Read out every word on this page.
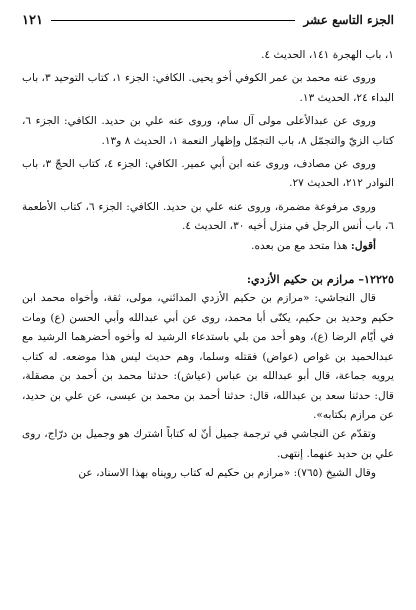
الجزء التاسع عشر
١٢١

١، باب الهجرة ١٤١، الحديث ٤.

وروى عنه محمد بن عمر الكوفي أخو يحيى. الكافي: الجزء ١، كتاب التوحيد ٣، باب البداء ٢٤، الحديث ١٣.

وروى عن عبدالأعلى مولى آل سام، وروى عنه علي بن حديد. الكافي: الجزء ٦، كتاب الزيّ والتجمّل ٨، باب التجمّل وإظهار النعمة ١، الحديث ٨ و١٣.

وروى عن مصادف، وروى عنه ابن أبي عمير. الكافي: الجزء ٤، كتاب الحجّ ٣، باب النوادر ٢١٢، الحديث ٢٧.

وروى مرفوعة مضمرة، وروى عنه علي بن حديد. الكافي: الجزء ٦، كتاب الأطعمة ٦، باب أنس الرجل في منزل أخيه ٣٠، الحديث ٤.

أقول: هذا متحد مع من بعده.

١٢٢٢٥– مرازم بن حكيم الأزدي:

قال النجاشي: «مرازم بن حكيم الأزدي المدائني، مولى، ثقة، وأخواه محمد ابن حكيم وحديد بن حكيم، يكنّى أبا محمد، روى عن أبي عبدالله وأبي الحسن (ع) ومات في أيّام الرضا (ع)، وهو أحد من بلي باستدعاء الرشيد له وأخوه أحضرهما الرشيد مع عبدالحميد بن غواص (عواض) فقتله وسلما، وهم حديث ليس هذا موضعه. له كتاب يرويه جماعة، قال أبو عبدالله بن عباس (عياش): حدثنا محمد بن أحمد بن مصقلة، قال: حدثنا سعد بن عبدالله، قال: حدثنا أحمد بن محمد بن عيسى، عن علي بن حديد، عن مرازم بكتابه».

وتقدّم عن النجاشي في ترجمة جميل أنّ له كتاباً اشترك هو وجميل بن درّاج، روى علي بن حديد عنهما. إنتهى.

وقال الشيخ (٧٦٥): «مرازم بن حكيم له كتاب رويناه بهذا الاسناد، عن
